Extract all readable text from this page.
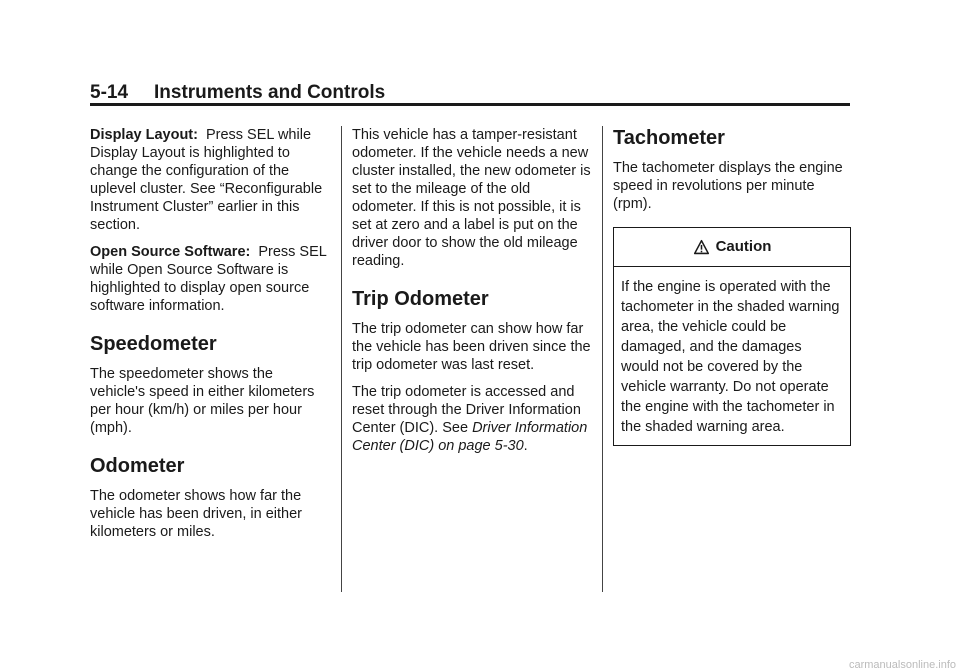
5-14 Instruments and Controls

Display Layout: Press SEL while Display Layout is highlighted to change the configuration of the uplevel cluster. See “Reconfigurable Instrument Cluster” earlier in this section.

Open Source Software: Press SEL while Open Source Software is highlighted to display open source software information.

Speedometer

The speedometer shows the vehicle's speed in either kilometers per hour (km/h) or miles per hour (mph).

Odometer

The odometer shows how far the vehicle has been driven, in either kilometers or miles.

This vehicle has a tamper-resistant odometer. If the vehicle needs a new cluster installed, the new odometer is set to the mileage of the old odometer. If this is not possible, it is set at zero and a label is put on the driver door to show the old mileage reading.

Trip Odometer

The trip odometer can show how far the vehicle has been driven since the trip odometer was last reset.

The trip odometer is accessed and reset through the Driver Information Center (DIC). See Driver Information Center (DIC) on page 5-30.

Tachometer

The tachometer displays the engine speed in revolutions per minute (rpm).

Caution
If the engine is operated with the tachometer in the shaded warning area, the vehicle could be damaged, and the damages would not be covered by the vehicle warranty. Do not operate the engine with the tachometer in the shaded warning area.
carmanualsonline.info
